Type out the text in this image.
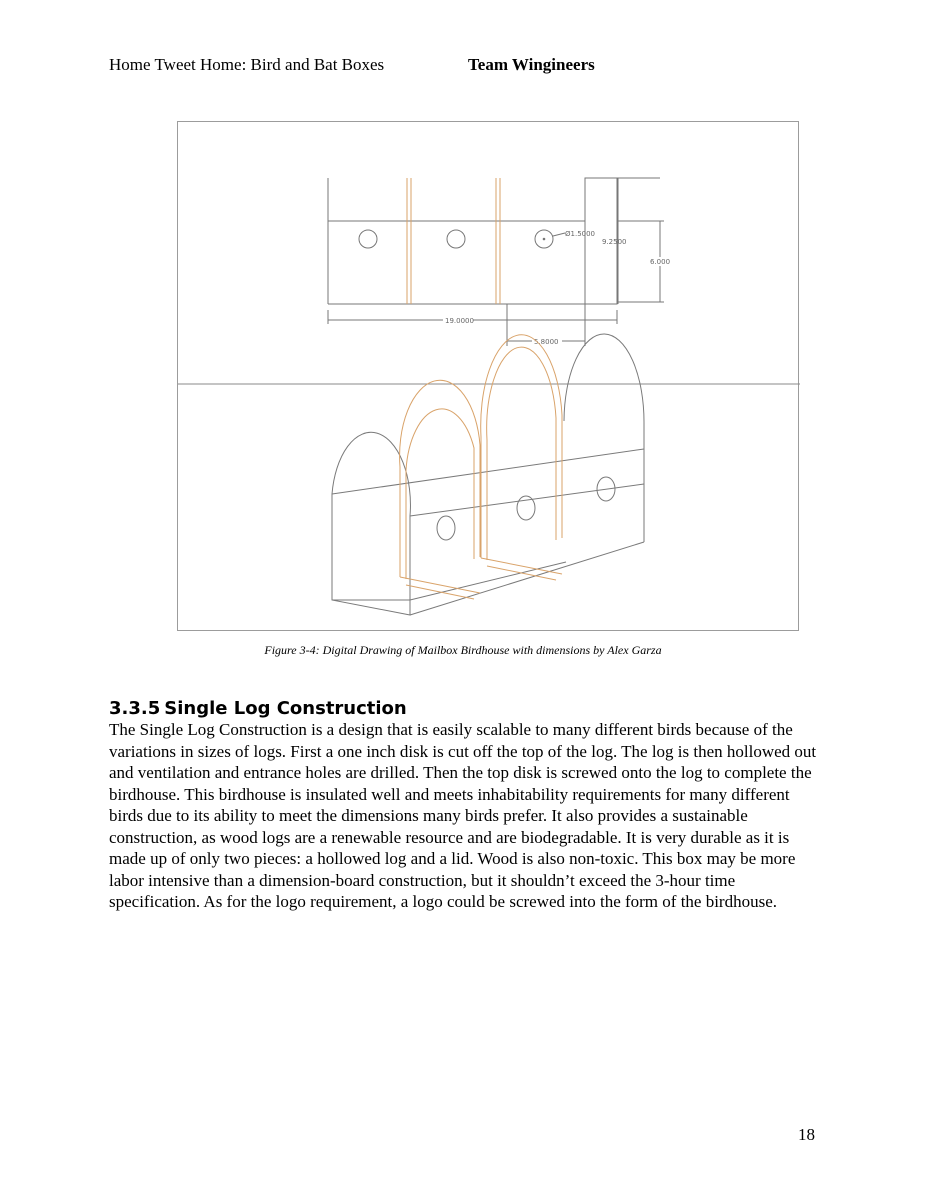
Home Tweet Home: Bird and Bat Boxes	Team Wingineers
19.0000
5.8000
Ø1.5000
9.2500
6.000
Figure 3-4: Digital Drawing of Mailbox Birdhouse with dimensions by Alex Garza
3.3.5 Single Log Construction

The Single Log Construction is a design that is easily scalable to many different birds because of the variations in sizes of logs. First a one inch disk is cut off the top of the log. The log is then hollowed out and ventilation and entrance holes are drilled. Then the top disk is screwed onto the log to complete the birdhouse. This birdhouse is insulated well and meets inhabitability requirements for many different birds due to its ability to meet the dimensions many birds prefer. It also provides a sustainable construction, as wood logs are a renewable resource and are biodegradable. It is very durable as it is made up of only two pieces: a hollowed log and a lid. Wood is also non-toxic. This box may be more labor intensive than a dimension-board construction, but it shouldn’t exceed the 3-hour time specification. As for the logo requirement, a logo could be screwed into the form of the birdhouse.

18
